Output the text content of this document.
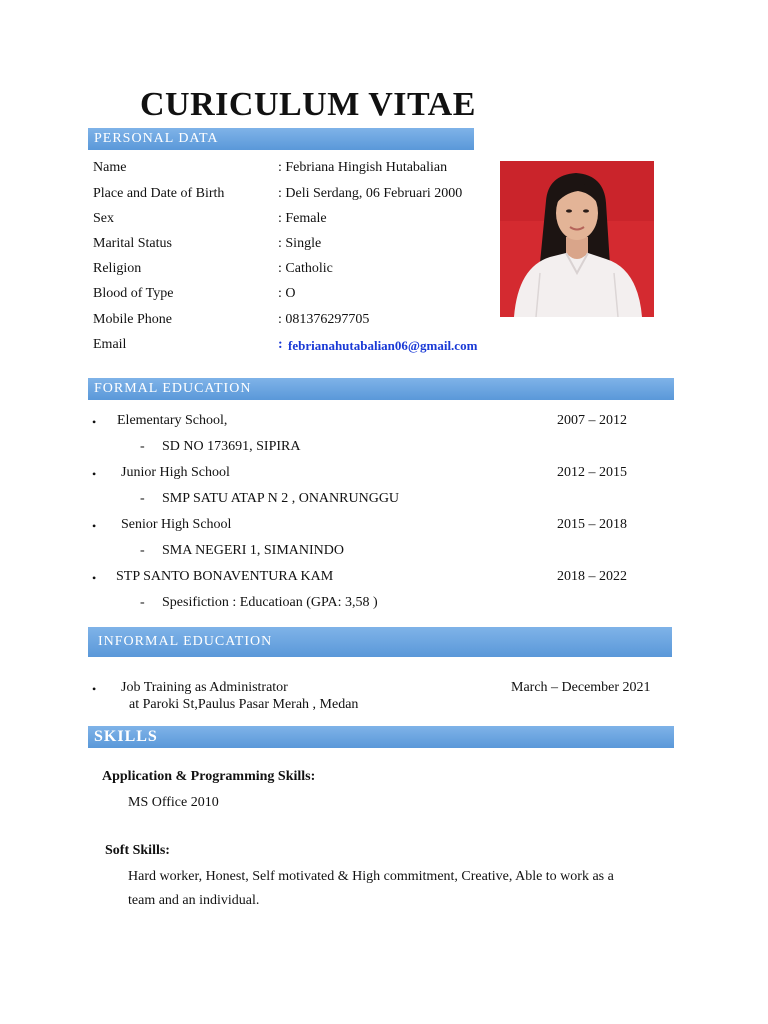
CURICULUM VITAE
PERSONAL DATA
Name	: Febriana Hingish Hutabalian
Place and Date of Birth	: Deli Serdang, 06 Februari 2000
Sex	: Female
Marital Status	: Single
Religion	: Catholic
Blood of Type	: O
Mobile Phone	: 081376297705
Email	: febrianahutabalian06@gmail.com
FORMAL EDUCATION
• Elementary School,	2007 – 2012
- SD NO 173691, SIPIRA
• Junior High School	2012 – 2015
- SMP SATU ATAP N 2 , ONANRUNGGU
• Senior High School	2015 – 2018
- SMA NEGERI 1, SIMANINDO
• STP SANTO BONAVENTURA KAM	2018 – 2022
- Spesifiction : Educatioan (GPA: 3,58 )
INFORMAL EDUCATION
• Job Training as Administrator	March – December 2021
at Paroki St,Paulus Pasar Merah , Medan
SKILLS
Application & Programming Skills:
MS Office 2010
Soft Skills:
Hard worker, Honest, Self motivated & High commitment, Creative, Able to work as a
team and an individual.
